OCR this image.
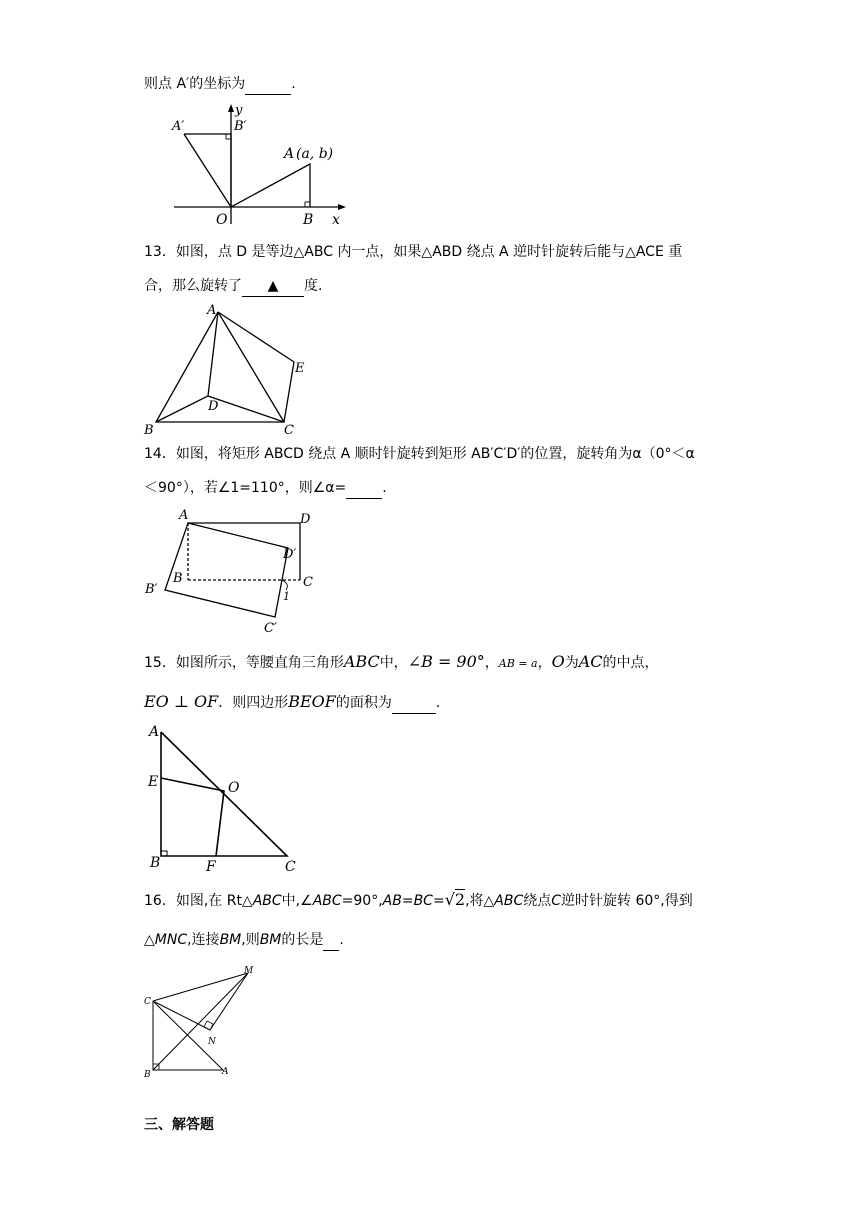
则点 A′的坐标为	.
y
x
O	B
A (a, b)
A′	B′
13．如图，点 D 是等边△ABC 内一点，如果△ABD 绕点 A 逆时针旋转后能与△ACE 重
合，那么旋转了 ▲ 度.
A
B	C
D
E
14．如图，将矩形 ABCD 绕点 A 顺时针旋转到矩形 AB′C′D′的位置，旋转角为α（0°＜α
＜90°），若∠1=110°，则∠α=	.
A	D
D′
B	C
B′
C′
1
15．如图所示，等腰直角三角形ABC中，∠B = 90°，AB = a，O为AC的中点，
EO ⊥ OF．则四边形BEOF的面积为	.
A
E	O
B	F	C
16．如图,在 Rt△ABC中,∠ABC=90°,AB=BC=√2,将△ABC绕点C逆时针旋转 60°,得到
△MNC,连接BM,则BM的长是 .
C
M
N
B	A
三、解答题
